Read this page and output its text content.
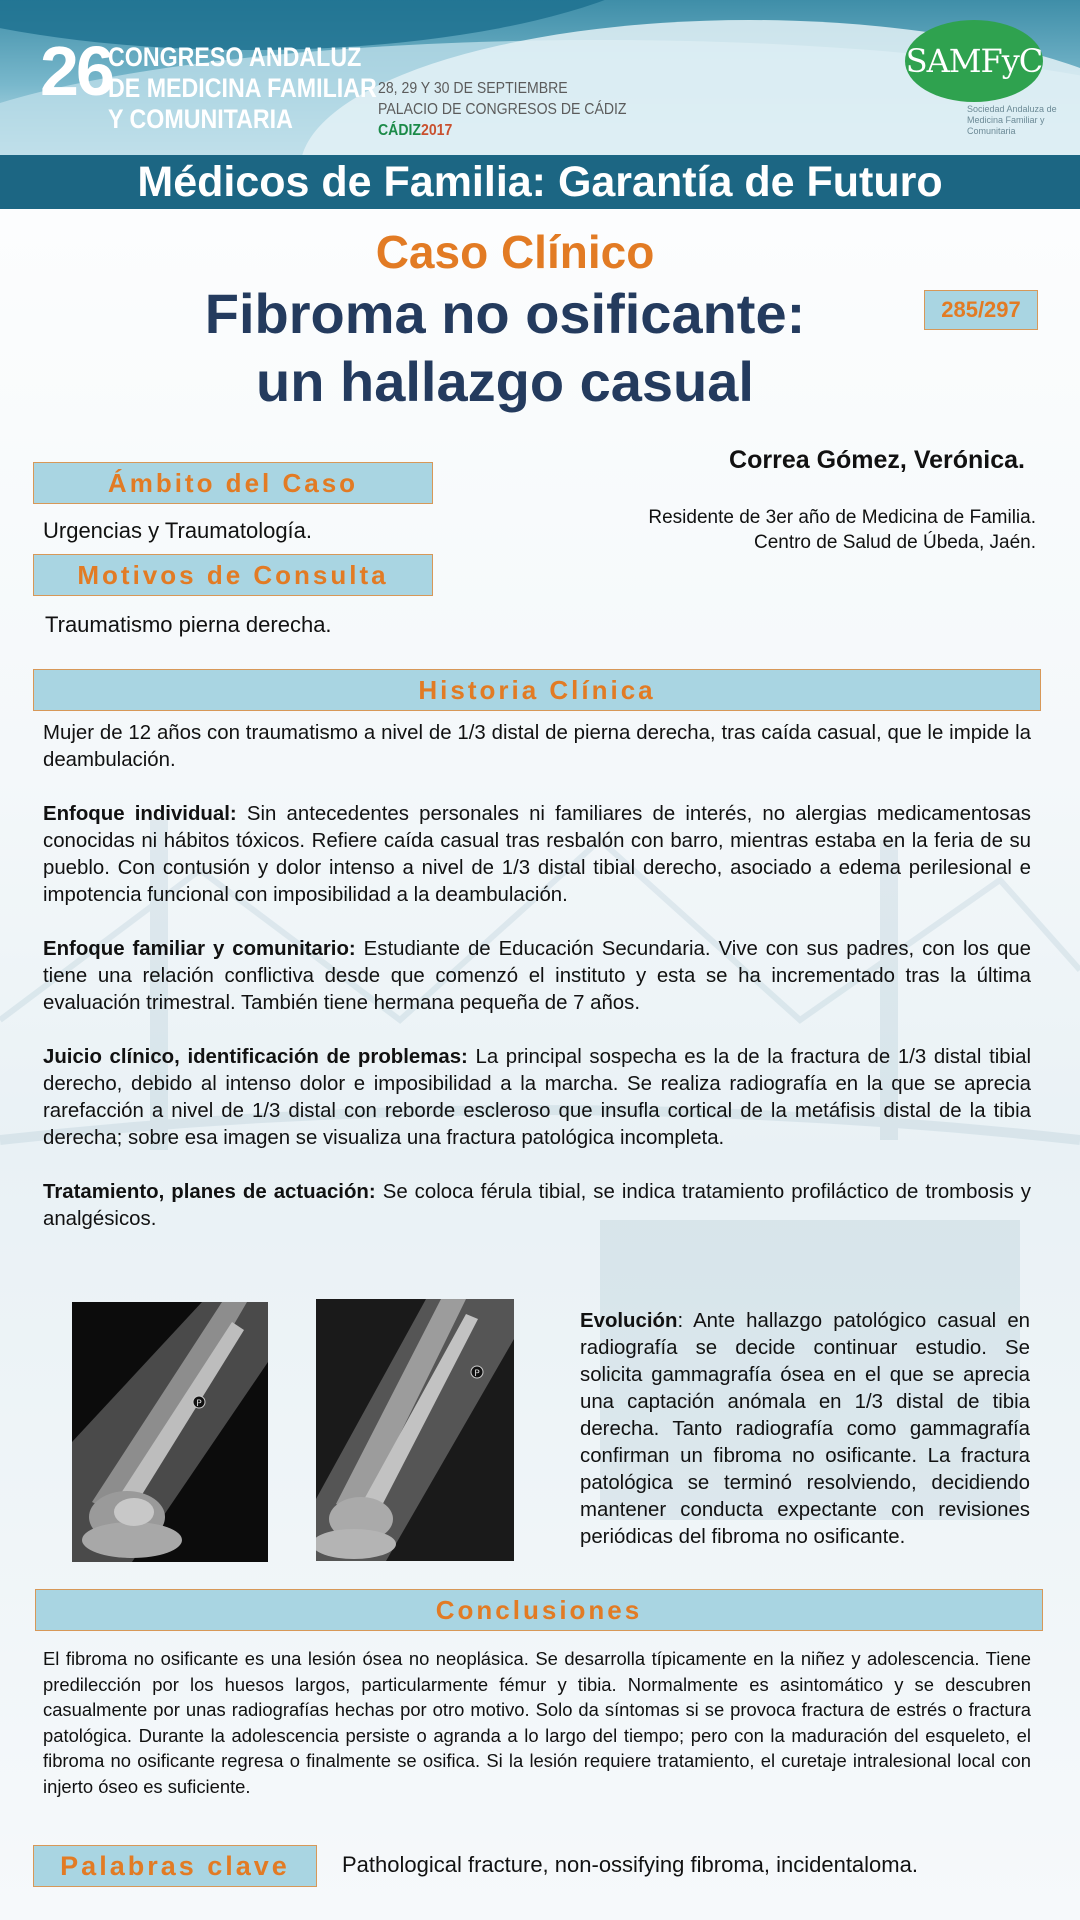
26
CONGRESO ANDALUZ
DE MEDICINA FAMILIAR
Y COMUNITARIA
28, 29 Y 30 DE SEPTIEMBRE
PALACIO DE CONGRESOS DE CÁDIZ
CÁDIZ2017
SAMFyC
Sociedad Andaluza de Medicina Familiar y Comunitaria
Médicos de Familia: Garantía de Futuro
Caso Clínico
Fibroma no osificante:
un hallazgo casual
285/297
Correa Gómez, Verónica.
Residente de 3er año de Medicina de Familia.
Centro de Salud de Úbeda, Jaén.
Ámbito del Caso
Urgencias y Traumatología.
Motivos de Consulta
Traumatismo pierna derecha.
Historia Clínica

Mujer de 12 años con traumatismo a nivel de 1/3 distal de pierna derecha, tras caída casual, que le impide la deambulación.

Enfoque individual: Sin antecedentes personales ni familiares de interés, no alergias medicamentosas conocidas ni hábitos tóxicos. Refiere caída casual tras resbalón con barro, mientras estaba en la feria de su pueblo. Con contusión y dolor intenso a nivel de 1/3 distal tibial derecho, asociado a edema perilesional e impotencia funcional con imposibilidad a la deambulación.

Enfoque familiar y comunitario: Estudiante de Educación Secundaria. Vive con sus padres, con los que tiene una relación conflictiva desde que comenzó el instituto y esta se ha incrementado tras la última evaluación trimestral. También tiene hermana pequeña de 7 años.

Juicio clínico, identificación de problemas: La principal sospecha es la de la fractura de 1/3 distal tibial derecho, debido al intenso dolor e imposibilidad a la marcha. Se realiza radiografía en la que se aprecia rarefacción a nivel de 1/3 distal con reborde escleroso que insufla cortical de la metáfisis distal de la tibia derecha; sobre esa imagen se visualiza una fractura patológica incompleta.

Tratamiento, planes de actuación: Se coloca férula tibial, se indica tratamiento profiláctico de trombosis y analgésicos.

P
P
Evolución: Ante hallazgo patológico casual en radiografía se decide continuar estudio. Se solicita gammagrafía ósea en el que se aprecia una captación anómala en 1/3 distal de tibia derecha. Tanto radiografía como gammagrafía confirman un fibroma no osificante. La fractura patológica se terminó resolviendo, decidiendo mantener conducta expectante con revisiones periódicas del fibroma no osificante.
Conclusiones
El fibroma no osificante es una lesión ósea no neoplásica. Se desarrolla típicamente en la niñez y adolescencia. Tiene predilección por los huesos largos, particularmente fémur y tibia. Normalmente es asintomático y se descubren casualmente por unas radiografías hechas por otro motivo. Solo da síntomas si se provoca fractura de estrés o fractura patológica. Durante la adolescencia persiste o agranda a lo largo del tiempo; pero con la maduración del esqueleto, el fibroma no osificante regresa o finalmente se osifica. Si la lesión requiere tratamiento, el curetaje intralesional local con injerto óseo es suficiente.
Palabras clave	Pathological fracture, non-ossifying fibroma, incidentaloma.
